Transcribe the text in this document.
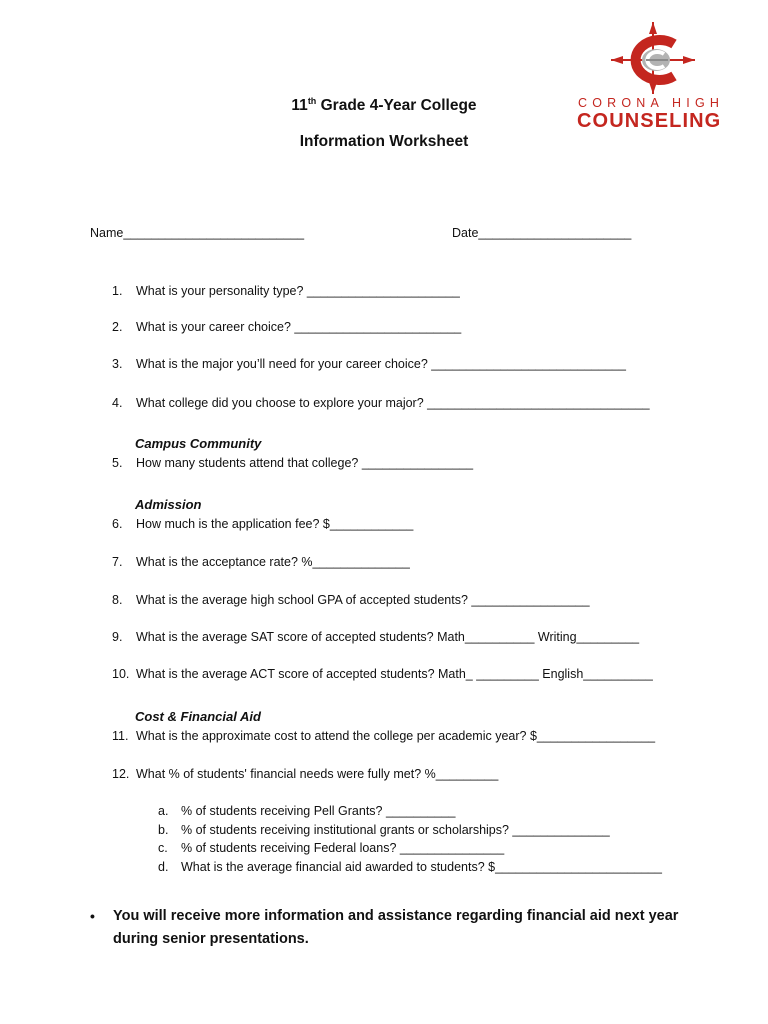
CORONA HIGH
COUNSELING
11th Grade 4-Year College
Information Worksheet
Name__________________________	Date______________________
1. What is your personality type? ______________________
2. What is your career choice? ________________________
3. What is the major you’ll need for your career choice? ____________________________
4. What college did you choose to explore your major? ________________________________
Campus Community
5. How many students attend that college? ________________
Admission
6. How much is the application fee? $____________
7. What is the acceptance rate? %______________
8. What is the average high school GPA of accepted students? _________________
9. What is the average SAT score of accepted students? Math__________ Writing_________
10. What is the average ACT score of accepted students? Math_ _________ English__________
Cost & Financial Aid
11. What is the approximate cost to attend the college per academic year? $_________________
12. What % of students' financial needs were fully met? %_________
a. % of students receiving Pell Grants? __________
b. % of students receiving institutional grants or scholarships? ______________
c. % of students receiving Federal loans? _______________
d. What is the average financial aid awarded to students? $________________________
• You will receive more information and assistance regarding financial aid next year during senior presentations.
